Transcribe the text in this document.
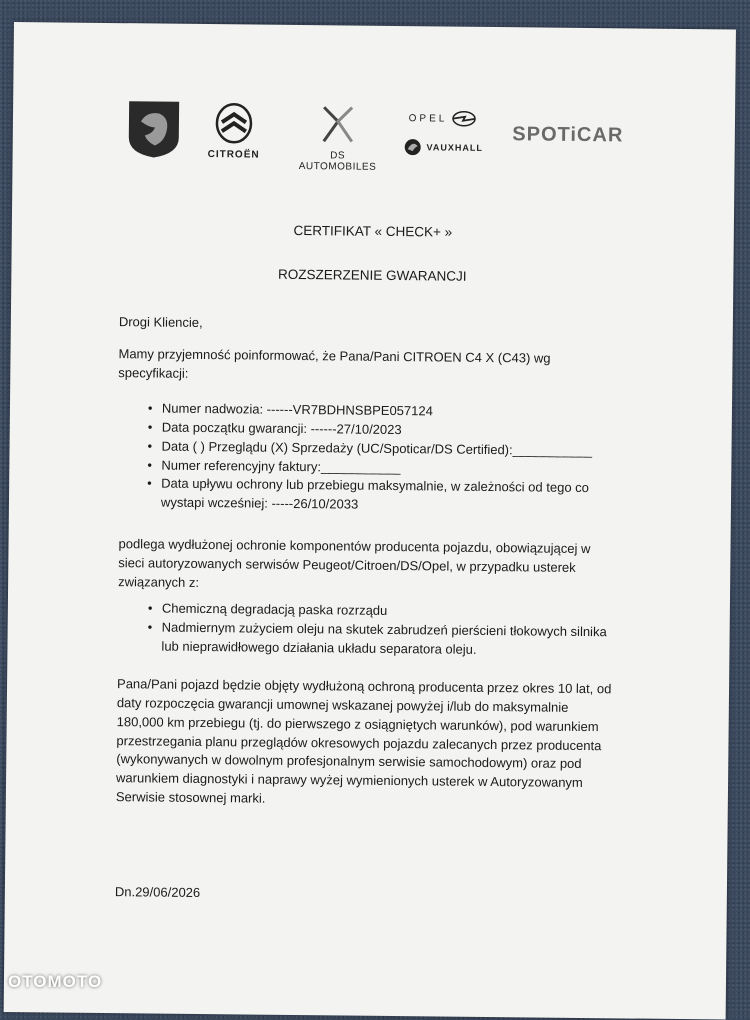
CITROËN	DS AUTOMOBILES
OPEL
VAUXHALL
SPOTiCAR
CERTIFIKAT « CHECK+ »
ROZSZERZENIE GWARANCJI
Drogi Kliencie,
Mamy przyjemność poinformować, że Pana/Pani CITROEN C4 X (C43) wg specyfikacji:
• Numer nadwozia: ------VR7BDHNSBPE057124
• Data początku gwarancji: ------27/10/2023
• Data ( ) Przeglądu (X) Sprzedaży (UC/Spoticar/DS Certified):___________
• Numer referencyjny faktury:___________
• Data upływu ochrony lub przebiegu maksymalnie, w zależności od tego co wystapi wcześniej: -----26/10/2033
podlega wydłużonej ochronie komponentów producenta pojazdu, obowiązującej w sieci autoryzowanych serwisów Peugeot/Citroen/DS/Opel, w przypadku usterek związanych z:
• Chemiczną degradacją paska rozrządu
• Nadmiernym zużyciem oleju na skutek zabrudzeń pierścieni tłokowych silnika lub nieprawidłowego działania układu separatora oleju.
Pana/Pani pojazd będzie objęty wydłużoną ochroną producenta przez okres 10 lat, od daty rozpoczęcia gwarancji umownej wskazanej powyżej i/lub do maksymalnie 180,000 km przebiegu (tj. do pierwszego z osiągniętych warunków), pod warunkiem przestrzegania planu przeglądów okresowych pojazdu zalecanych przez producenta (wykonywanych w dowolnym profesjonalnym serwisie samochodowym) oraz pod warunkiem diagnostyki i naprawy wyżej wymienionych usterek w Autoryzowanym Serwisie stosownej marki.
Dn.29/06/2026
OTOMOTO
